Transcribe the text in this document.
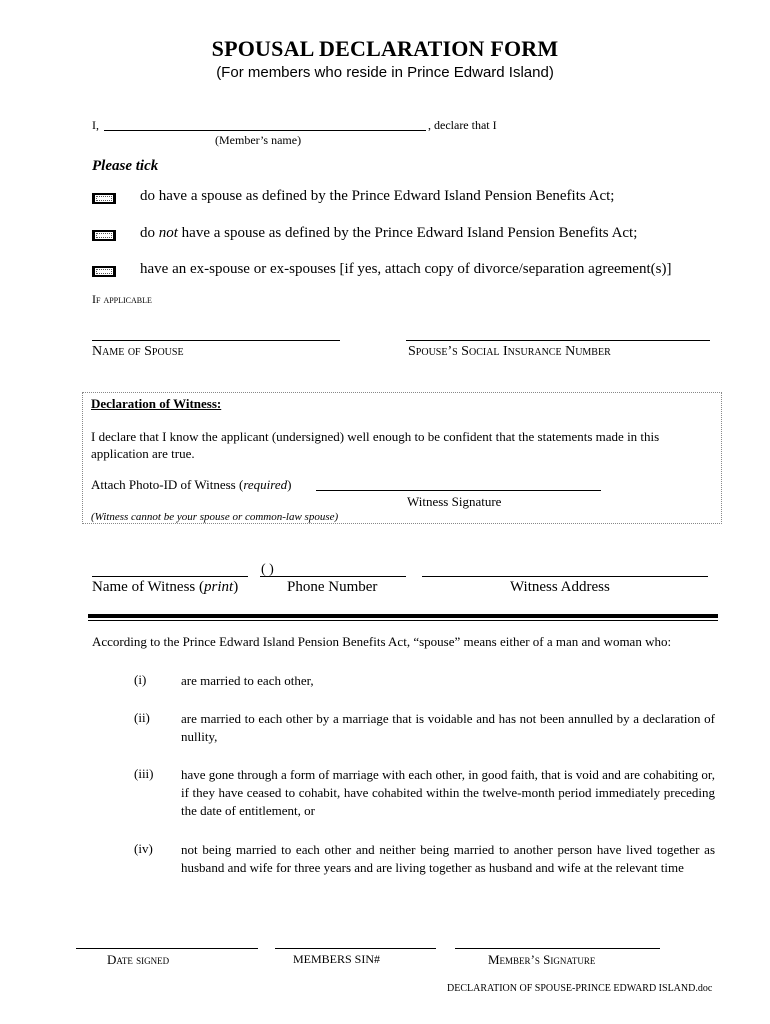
SPOUSAL DECLARATION FORM
(For members who reside in Prince Edward Island)
I,	, declare that I
(Member’s name)
Please tick
do have a spouse as defined by the Prince Edward Island Pension Benefits Act;
do not have a spouse as defined by the Prince Edward Island Pension Benefits Act;
have an ex-spouse or ex-spouses [if yes, attach copy of divorce/separation agreement(s)]
If applicable
Name of Spouse	Spouse’s Social Insurance Number
Declaration of Witness:
I declare that I know the applicant (undersigned) well enough to be confident that the statements made in this application are true.
Attach Photo-ID of Witness (required)
Witness Signature
(Witness cannot be your spouse or common-law spouse)
( )
Name of Witness (print)	Phone Number	Witness Address
According to the Prince Edward Island Pension Benefits Act, “spouse” means either of a man and woman who:
(i)	are married to each other,
(ii) are married to each other by a marriage that is voidable and has not been annulled by a declaration of nullity,
(iii) have gone through a form of marriage with each other, in good faith, that is void and are cohabiting or, if they have ceased to cohabit, have cohabited within the twelve-month period immediately preceding the date of entitlement, or
(iv) not being married to each other and neither being married to another person have lived together as husband and wife for three years and are living together as husband and wife at the relevant time
Date signed	MEMBERS SIN#	Member’s Signature
DECLARATION OF SPOUSE-PRINCE EDWARD ISLAND.doc
